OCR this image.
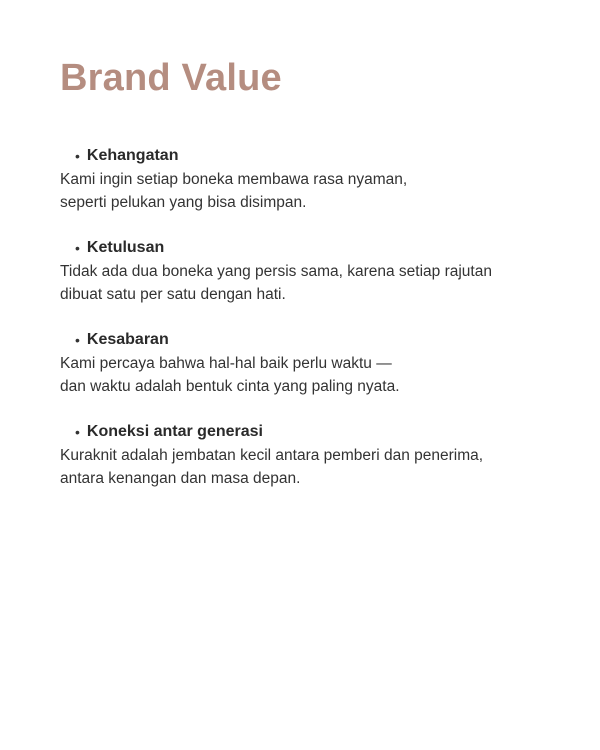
Brand Value
• Kehangatan

Kami ingin setiap boneka membawa rasa nyaman,
seperti pelukan yang bisa disimpan.

• Ketulusan

Tidak ada dua boneka yang persis sama, karena setiap rajutan
dibuat satu per satu dengan hati.

• Kesabaran

Kami percaya bahwa hal-hal baik perlu waktu —
dan waktu adalah bentuk cinta yang paling nyata.

• Koneksi antar generasi

Kuraknit adalah jembatan kecil antara pemberi dan penerima,
antara kenangan dan masa depan.
